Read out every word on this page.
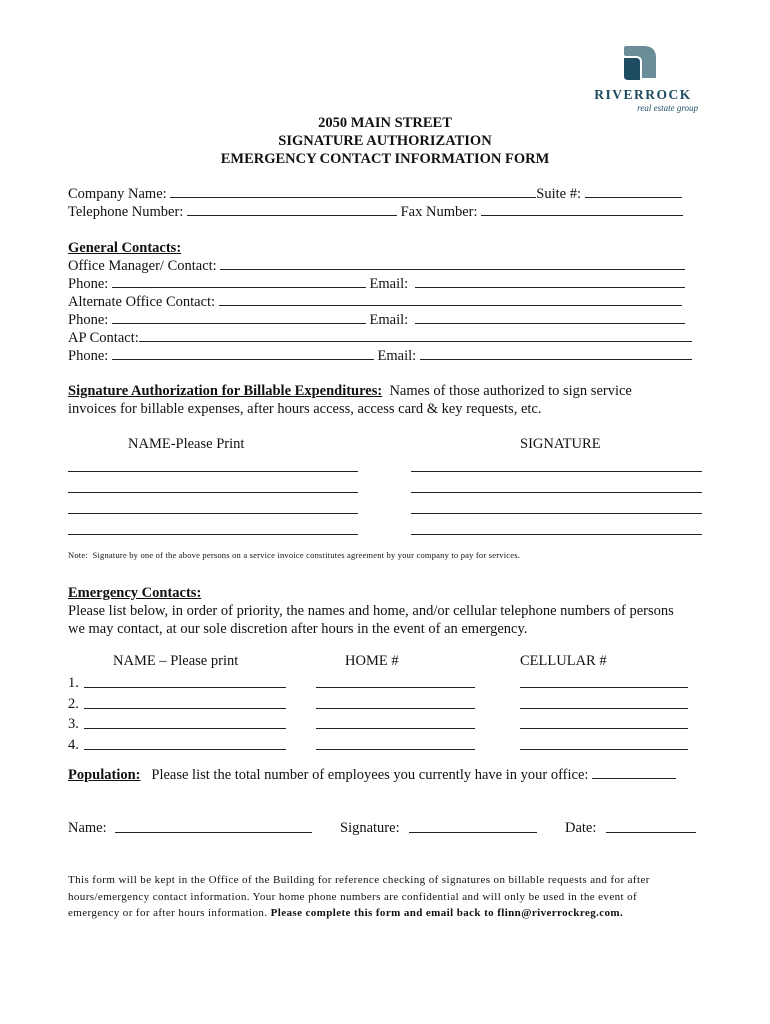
RIVERROCK
real estate group
2050 MAIN STREET
SIGNATURE AUTHORIZATION
EMERGENCY CONTACT INFORMATION FORM
Company Name:	Suite #:
Telephone Number:	Fax Number:
General Contacts:
Office Manager/ Contact:
Phone:	Email:
Alternate Office Contact:
Phone:	Email:
AP Contact:
Phone:	Email:
Signature Authorization for Billable Expenditures: Names of those authorized to sign service
invoices for billable expenses, after hours access, access card & key requests, etc.
NAME-Please Print	SIGNATURE
Note:  Signature by one of the above persons on a service invoice constitutes agreement by your company to pay for services.
Emergency Contacts:
Please list below, in order of priority, the names and home, and/or cellular telephone numbers of persons
we may contact, at our sole discretion after hours in the event of an emergency.
NAME – Please print	HOME #	CELLULAR #
1.
2.
3.
4.
Population: Please list the total number of employees you currently have in your office:
Name:	Signature:	Date:
This form will be kept in the Office of the Building for reference checking of signatures on billable requests and for after
hours/emergency contact information. Your home phone numbers are confidential and will only be used in the event of
emergency or for after hours information. Please complete this form and email back to flinn@riverrockreg.com.
